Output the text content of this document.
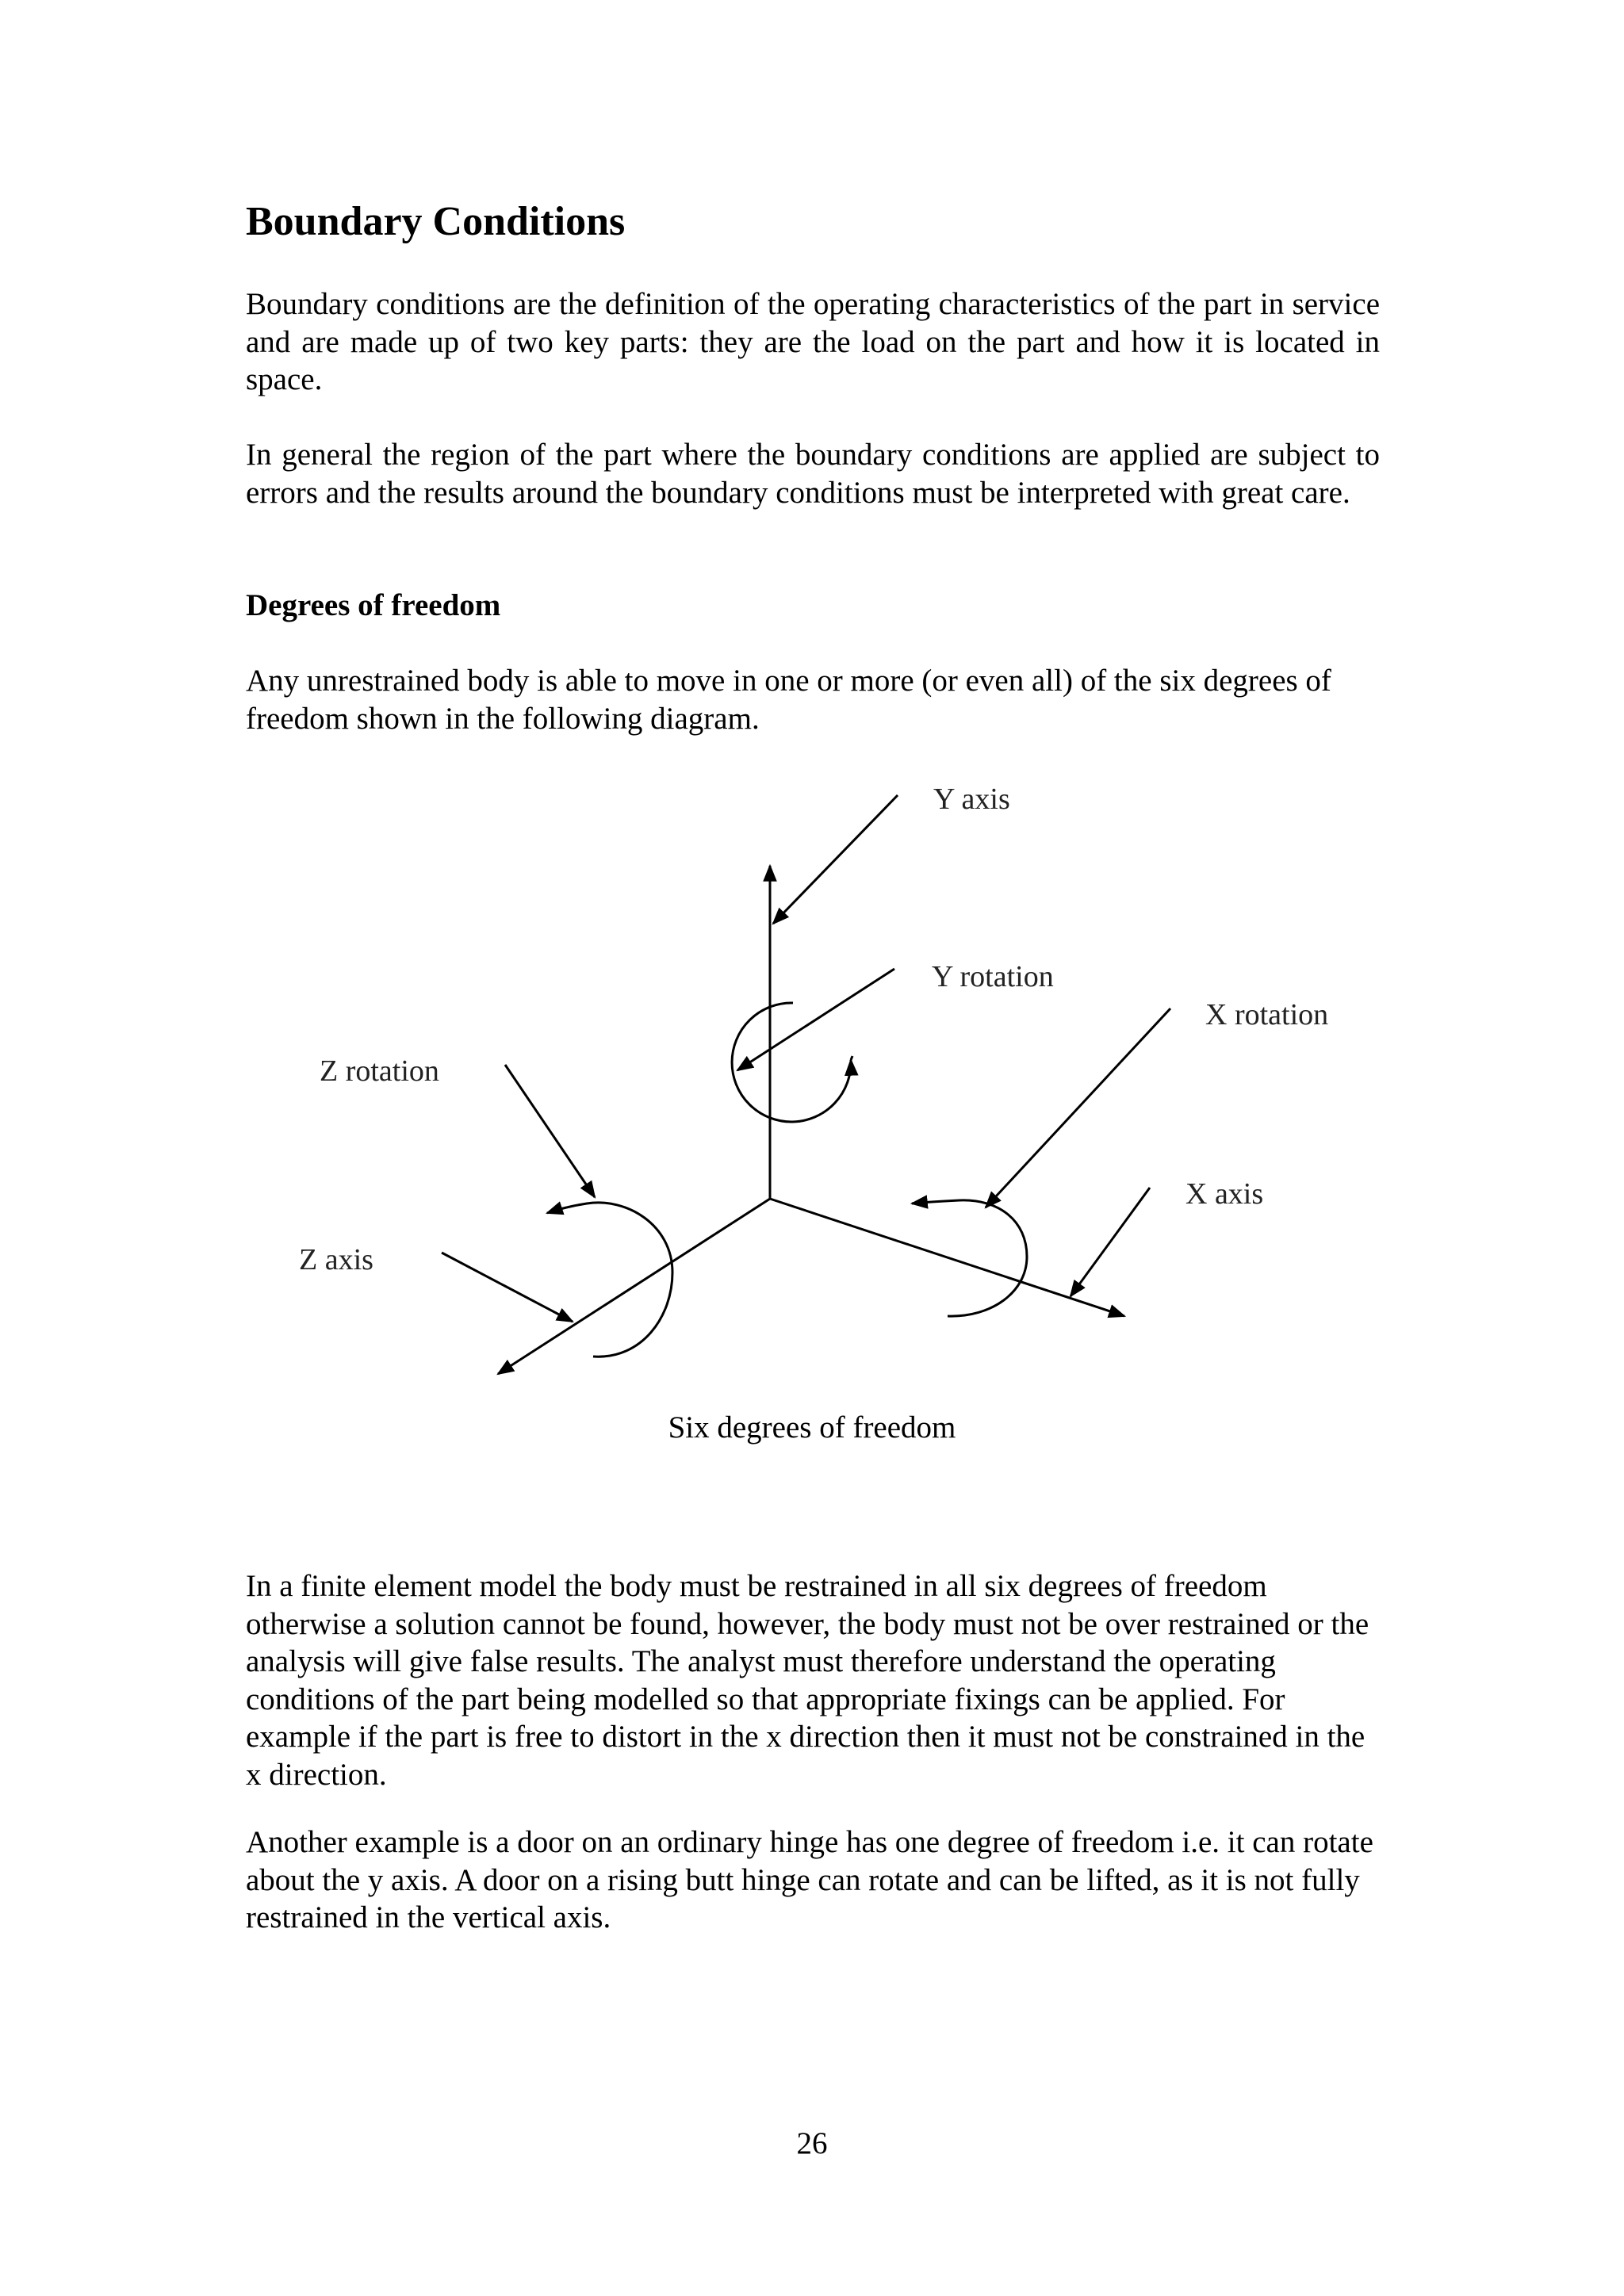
Boundary Conditions

Boundary conditions are the definition of the operating characteristics of the part in service and are made up of two key parts: they are the load on the part and how it is located in space.

In general the region of the part where the boundary conditions are applied are subject to errors and the results around the boundary conditions must be interpreted with great care.

Degrees of freedom

Any unrestrained body is able to move in one or more (or even all) of the six degrees of freedom shown in the following diagram.

Y axis
Y rotation
X rotation
Z rotation
X axis
Z axis
Six degrees of freedom

In a finite element model the body must be restrained in all six degrees of freedom otherwise a solution cannot be found, however, the body must not be over restrained or the analysis will give false results. The analyst must therefore understand the operating conditions of the part being modelled so that appropriate fixings can be applied. For example if the part is free to distort in the x direction then it must not be constrained in the x direction.

Another example is a door on an ordinary hinge has one degree of freedom i.e. it can rotate about the y axis. A door on a rising butt hinge can rotate and can be lifted, as it is not fully restrained in the vertical axis.

26
